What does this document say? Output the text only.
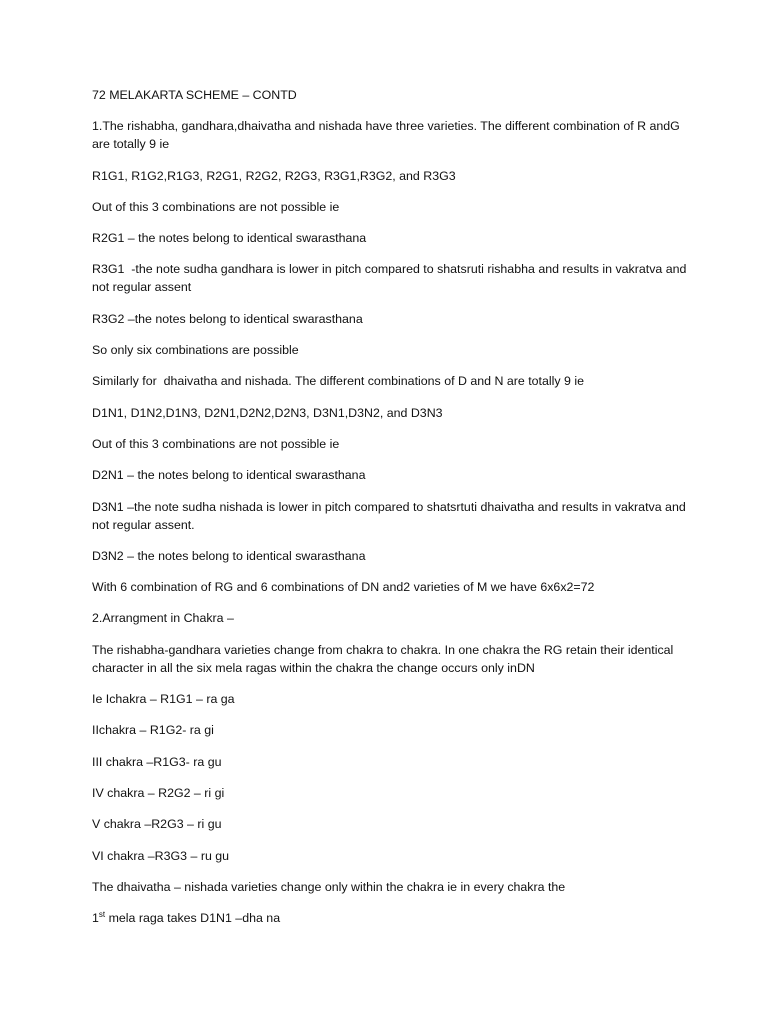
72 MELAKARTA SCHEME – CONTD
1.The rishabha, gandhara,dhaivatha and nishada have three varieties. The different combination of R andG are totally 9 ie
R1G1, R1G2,R1G3, R2G1, R2G2, R2G3, R3G1,R3G2, and R3G3
Out of this 3 combinations are not possible ie
R2G1 – the notes belong to identical swarasthana
R3G1  -the note sudha gandhara is lower in pitch compared to shatsruti rishabha and results in vakratva and not regular assent
R3G2 –the notes belong to identical swarasthana
So only six combinations are possible
Similarly for  dhaivatha and nishada. The different combinations of D and N are totally 9 ie
D1N1, D1N2,D1N3, D2N1,D2N2,D2N3, D3N1,D3N2, and D3N3
Out of this 3 combinations are not possible ie
D2N1 – the notes belong to identical swarasthana
D3N1 –the note sudha nishada is lower in pitch compared to shatsrtuti dhaivatha and results in vakratva and not regular assent.
D3N2 – the notes belong to identical swarasthana
With 6 combination of RG and 6 combinations of DN and2 varieties of M we have 6x6x2=72
2.Arrangment in Chakra –
The rishabha-gandhara varieties change from chakra to chakra. In one chakra the RG retain their identical character in all the six mela ragas within the chakra the change occurs only inDN
Ie Ichakra – R1G1 – ra ga
IIchakra – R1G2- ra gi
III chakra –R1G3- ra gu
IV chakra – R2G2 – ri gi
V chakra –R2G3 – ri gu
VI chakra –R3G3 – ru gu
The dhaivatha – nishada varieties change only within the chakra ie in every chakra the
1st mela raga takes D1N1 –dha na
